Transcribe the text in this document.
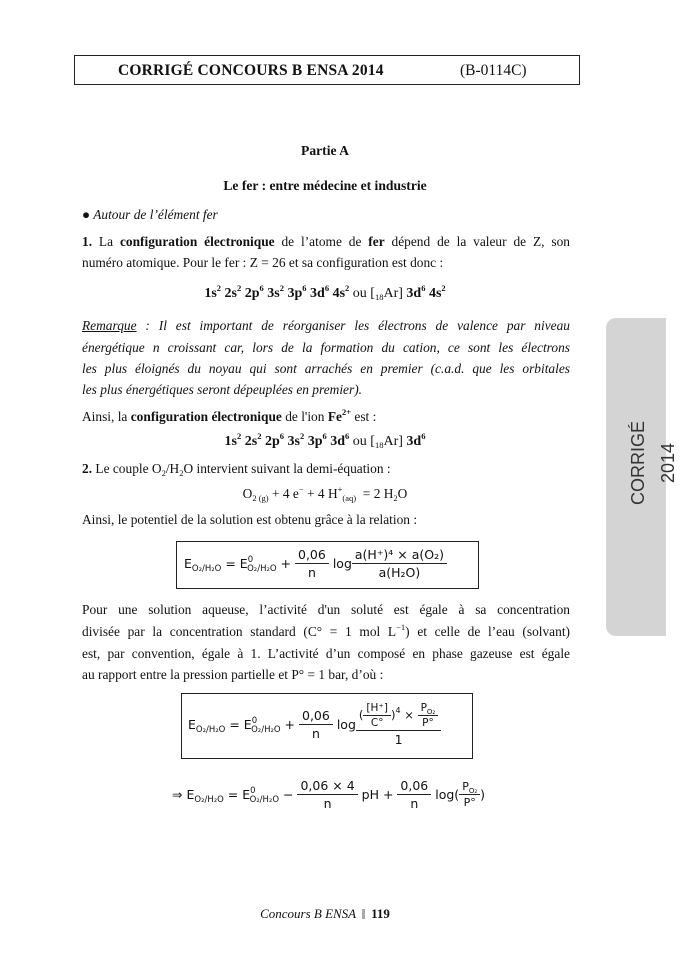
CORRIGÉ CONCOURS B ENSA 2014	(B-0114C)
CORRIGÉ 2014
Partie A
Le fer : entre médecine et industrie
● Autour de l’élément fer
1. La configuration électronique de l’atome de fer dépend de la valeur de Z, son
numéro atomique. Pour le fer : Z = 26 et sa configuration est donc :
$1s^2$ $2s^2$ $2p^6$ $3s^2$ $3p^6$ $3d^6$ $4s^2$ ou $[_{18}Ar]$ $3d^6$ $4s^2$
Remarque : Il est important de réorganiser les électrons de valence par niveau
énergétique n croissant car, lors de la formation du cation, ce sont les électrons
les plus éloignés du noyau qui sont arrachés en premier (c.a.d. que les orbitales
les plus énergétiques seront dépeuplées en premier).
Ainsi, la configuration électronique de l'ion $Fe^{2+}$ est :
$1s^2$ $2s^2$ $2p^6$ $3s^2$ $3p^6$ $3d^6$ ou $[_{18}Ar]$ $3d^6$
2. Le couple $O_2/H_2O$ intervient suivant la demi-équation :
$O_{2 (g)} + 4$ e− + 4 $H^+_{(aq)} = 2$ $H_2O$
Ainsi, le potentiel de la solution est obtenu grâce à la relation :
$E_{O_2/H_2O} = E^0_{O_2/H_2O} + \frac{0,06}{n}$ $\log \frac{\text{a(H⁺)⁴ × a(O₂)}}{\text{a(H₂O)}}$
Pour une solution aqueuse, l’activité d'un soluté est égale à sa concentration
divisée par la concentration standard (C° = 1 mol $L^{-1}$) et celle de l’eau (solvant)
est, par convention, égale à 1. L’activité d’un composé en phase gazeuse est égale
au rapport entre la pression partielle et P° = 1 bar, d’où :
$E_{O_2/H_2O} = E^0_{O_2/H_2O} + \frac{0,06}{n}$ $\log \frac{( \frac{[H^+]}{C^\circ} )^4 \times \frac{P_{O_2}}{P^\circ}}{1}$
⇒ $E_{O_2/H_2O} = E^0_{O_2/H_2O} - \frac{0,06 \times 4}{n}$ pH + $\frac{0,06}{n} \log( \frac{P_{O_2}}{P^\circ}$ )
Concours B ENSA 119
